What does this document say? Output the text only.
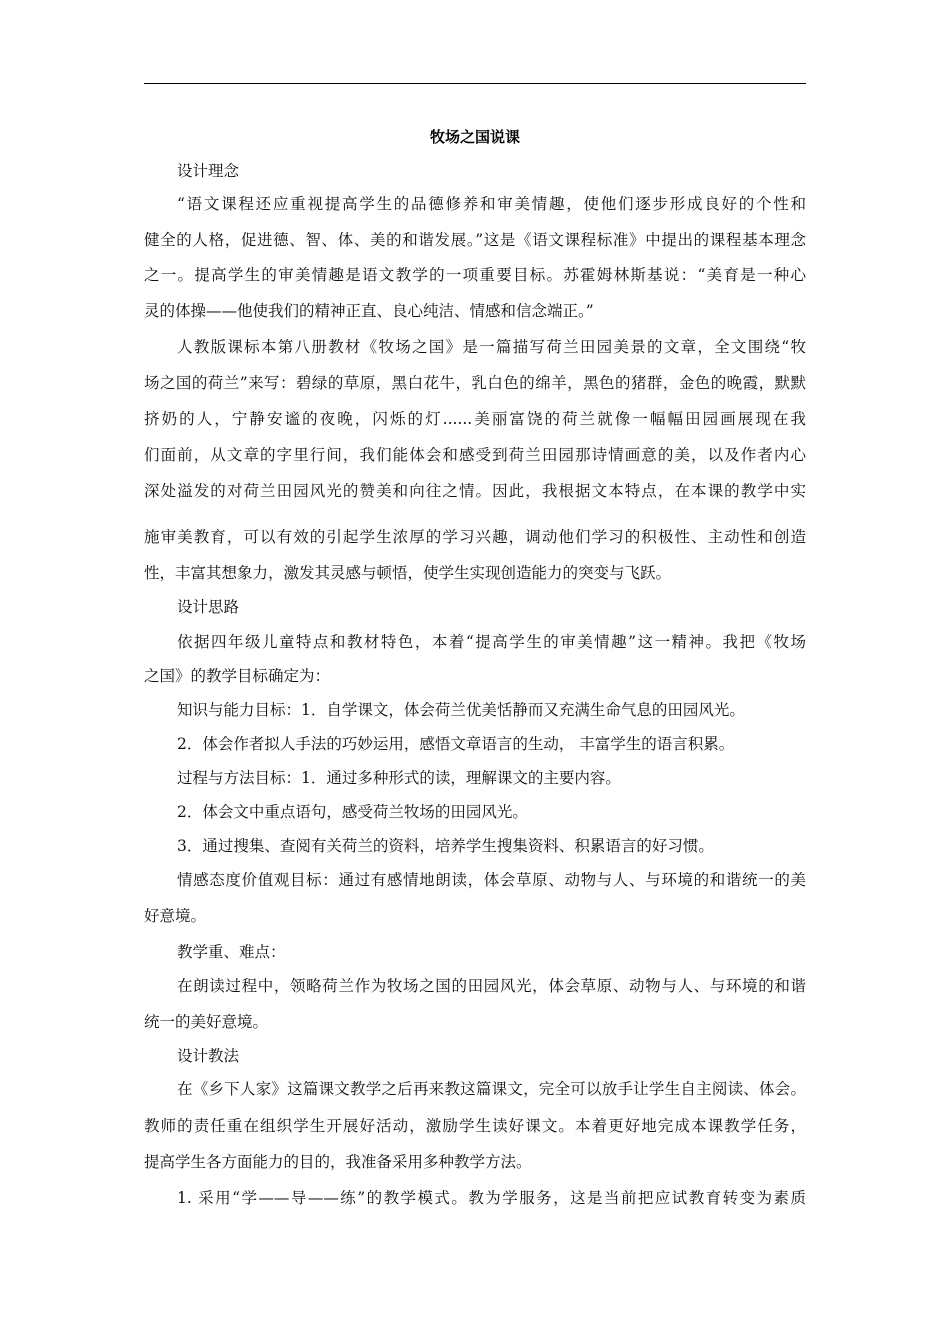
牧场之国说课
设计理念
“语文课程还应重视提高学生的品德修养和审美情趣，使他们逐步形成良好的个性和
健全的人格，促进德、智、体、美的和谐发展。”这是《语文课程标准》中提出的课程基本理念
之一。提高学生的审美情趣是语文教学的一项重要目标。苏霍姆林斯基说：“美育是一种心
灵的体操——他使我们的精神正直、良心纯洁、情感和信念端正。”
人教版课标本第八册教材《牧场之国》是一篇描写荷兰田园美景的文章，全文围绕“牧
场之国的荷兰”来写：碧绿的草原，黑白花牛，乳白色的绵羊，黑色的猪群，金色的晚霞，默默
挤奶的人，宁静安谧的夜晚，闪烁的灯......美丽富饶的荷兰就像一幅幅田园画展现在我
们面前，从文章的字里行间，我们能体会和感受到荷兰田园那诗情画意的美，以及作者内心
深处溢发的对荷兰田园风光的赞美和向往之情。因此，我根据文本特点，在本课的教学中实
施审美教育，可以有效的引起学生浓厚的学习兴趣，调动他们学习的积极性、主动性和创造
性，丰富其想象力，激发其灵感与顿悟，使学生实现创造能力的突变与飞跃。
设计思路
依据四年级儿童特点和教材特色，本着“提高学生的审美情趣”这一精神。我把《牧场
之国》的教学目标确定为：
知识与能力目标：1．自学课文，体会荷兰优美恬静而又充满生命气息的田园风光。
2．体会作者拟人手法的巧妙运用，感悟文章语言的生动， 丰富学生的语言积累。
过程与方法目标：1．通过多种形式的读，理解课文的主要内容。
2．体会文中重点语句，感受荷兰牧场的田园风光。
3．通过搜集、查阅有关荷兰的资料，培养学生搜集资料、积累语言的好习惯。
情感态度价值观目标：通过有感情地朗读，体会草原、动物与人、与环境的和谐统一的美
好意境。
教学重、难点：
在朗读过程中，领略荷兰作为牧场之国的田园风光，体会草原、动物与人、与环境的和谐
统一的美好意境。
设计教法
在《乡下人家》这篇课文教学之后再来教这篇课文，完全可以放手让学生自主阅读、体会。
教师的责任重在组织学生开展好活动，激励学生读好课文。本着更好地完成本课教学任务，
提高学生各方面能力的目的，我准备采用多种教学方法。
1. 采用“学——导——练”的教学模式。教为学服务，这是当前把应试教育转变为素质
